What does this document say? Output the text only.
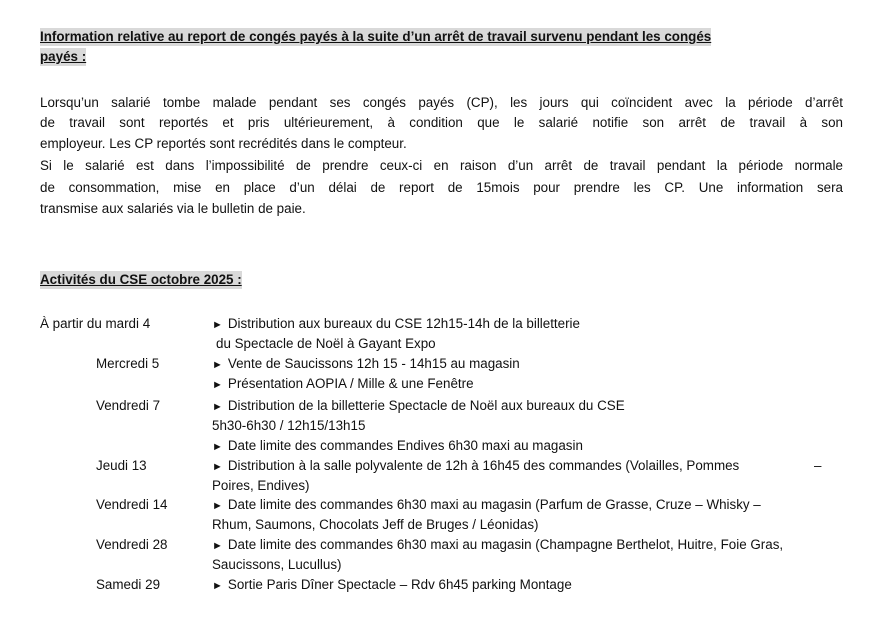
Information relative au report de congés payés à la suite d’un arrêt de travail survenu pendant les congés
payés :
Lorsqu’un salarié tombe malade pendant ses congés payés (CP), les jours qui coïncident avec la période d’arrêt
de travail sont reportés et pris ultérieurement, à condition que le salarié notifie son arrêt de travail à son
employeur. Les CP reportés sont recrédités dans le compteur.
Si le salarié est dans l’impossibilité de prendre ceux-ci en raison d’un arrêt de travail pendant la période normale
de consommation, mise en place d’un délai de report de 15mois pour prendre les CP. Une information sera
transmise aux salariés via le bulletin de paie.
Activités du CSE octobre 2025 :
À partir du mardi 4
Mercredi 5
Vendredi 7
Jeudi 13
Vendredi 14
Vendredi 28
Samedi 29
► Distribution aux bureaux du CSE 12h15-14h de la billetterie
du Spectacle de Noël à Gayant Expo
► Vente de Saucissons 12h 15 - 14h15 au magasin
► Présentation AOPIA / Mille & une Fenêtre
► Distribution de la billetterie Spectacle de Noël aux bureaux du CSE
5h30-6h30 / 12h15/13h15
► Date limite des commandes Endives 6h30 maxi au magasin
► Distribution à la salle polyvalente de 12h à 16h45 des commandes (Volailles, Pommes	–
Poires, Endives)
► Date limite des commandes 6h30 maxi au magasin (Parfum de Grasse, Cruze – Whisky –
Rhum, Saumons, Chocolats Jeff de Bruges / Léonidas)
► Date limite des commandes 6h30 maxi au magasin (Champagne Berthelot, Huitre, Foie Gras,
Saucissons, Lucullus)
► Sortie Paris Dîner Spectacle – Rdv 6h45 parking Montage
